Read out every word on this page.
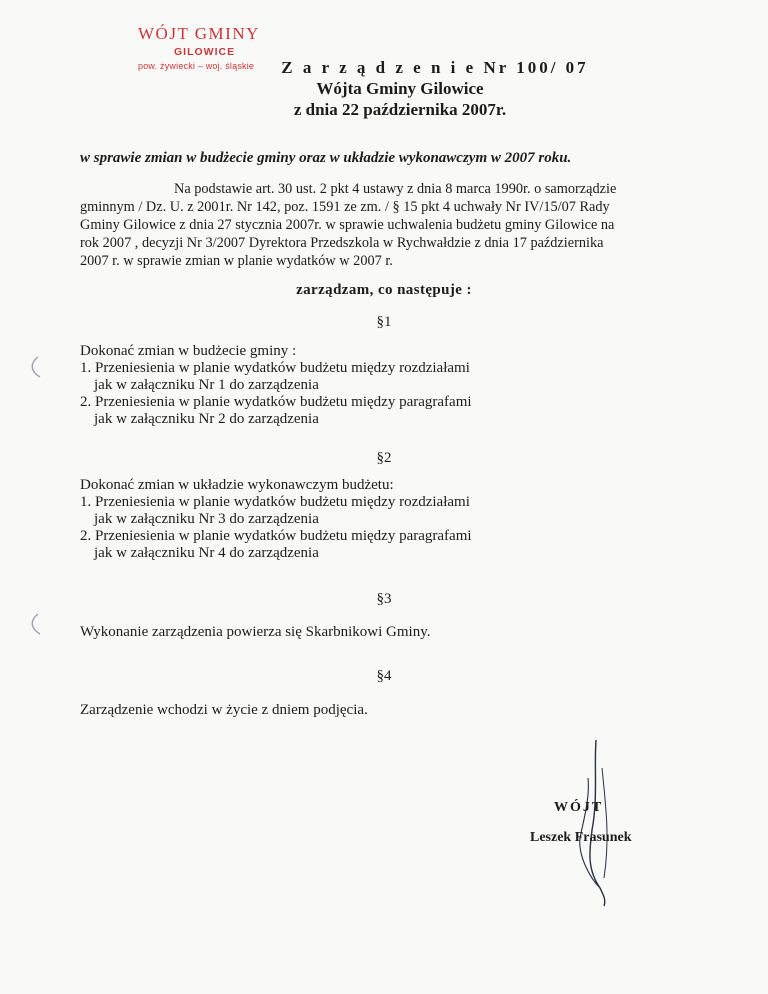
WÓJT GMINY
GILOWICE
pow. żywiecki – woj. śląskie	Z a r z ą d z e n i e Nr 100/ 07
Wójta Gminy Gilowice
z dnia 22 października 2007r.
w sprawie zmian w budżecie gminy oraz w układzie wykonawczym w 2007 roku.
Na podstawie art. 30 ust. 2 pkt 4 ustawy z dnia 8 marca 1990r. o samorządzie
gminnym / Dz. U. z 2001r. Nr 142, poz. 1591 ze zm. / § 15 pkt 4 uchwały Nr IV/15/07 Rady
Gminy Gilowice z dnia 27 stycznia 2007r. w sprawie uchwalenia budżetu gminy Gilowice na
rok 2007 , decyzji Nr 3/2007 Dyrektora Przedszkola w Rychwałdzie z dnia 17 października
2007 r. w sprawie zmian w planie wydatków w 2007 r.
zarządzam, co następuje :
§1
Dokonać zmian w budżecie gminy :
1. Przeniesienia w planie wydatków budżetu między rozdziałami
jak w załączniku Nr 1 do zarządzenia
2. Przeniesienia w planie wydatków budżetu między paragrafami
jak w załączniku Nr 2 do zarządzenia
§2
Dokonać zmian w układzie wykonawczym budżetu:
1. Przeniesienia w planie wydatków budżetu między rozdziałami
jak w załączniku Nr 3 do zarządzenia
2. Przeniesienia w planie wydatków budżetu między paragrafami
jak w załączniku Nr 4 do zarządzenia
§3
Wykonanie zarządzenia powierza się Skarbnikowi Gminy.
§4
Zarządzenie wchodzi w życie z dniem podjęcia.
WÓJT
Leszek Frasunek
